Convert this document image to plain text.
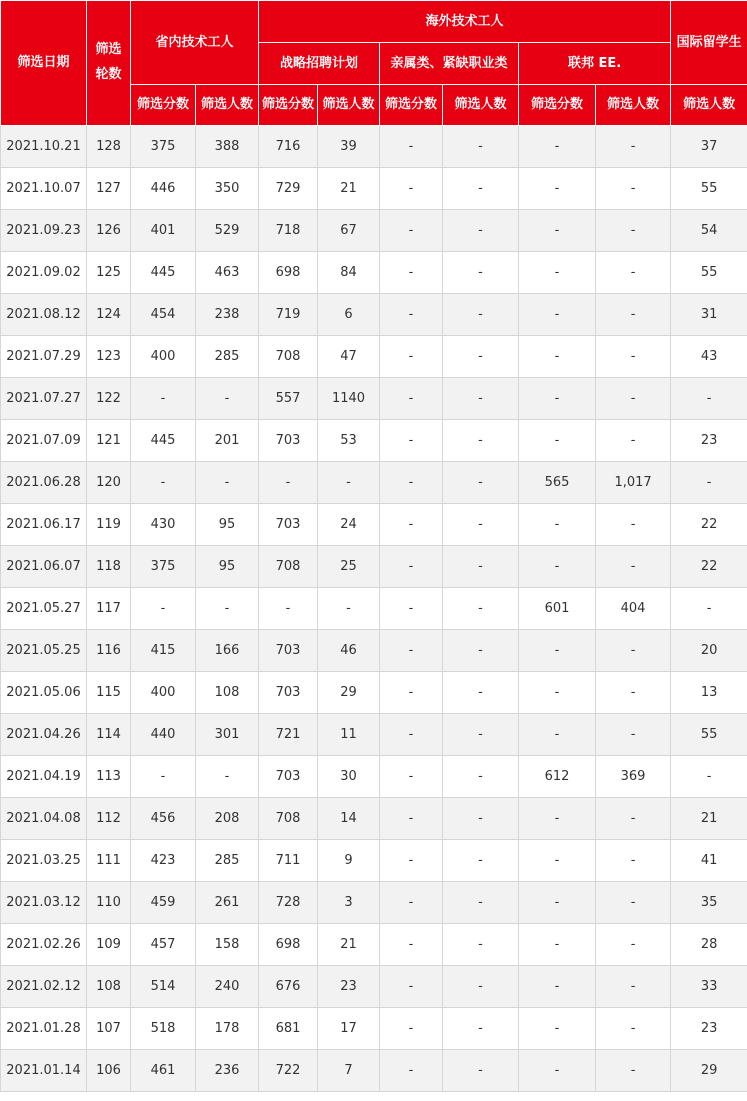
筛选日期	筛选轮数	省内技术工人		海外技术工人						国际留学生
				战略招聘计划		亲属类、紧缺职业类		联邦 EE.		
		筛选分数	筛选人数	筛选分数	筛选人数	筛选分数	筛选人数	筛选分数	筛选人数	筛选人数
2021.10.21	128	375	388	716	39	-	-	-	-	37
2021.10.07	127	446	350	729	21	-	-	-	-	55
2021.09.23	126	401	529	718	67	-	-	-	-	54
2021.09.02	125	445	463	698	84	-	-	-	-	55
2021.08.12	124	454	238	719	6	-	-	-	-	31
2021.07.29	123	400	285	708	47	-	-	-	-	43
2021.07.27	122	-	-	557	1140	-	-	-	-	-
2021.07.09	121	445	201	703	53	-	-	-	-	23
2021.06.28	120	-	-	-	-	-	-	565	1,017	-
2021.06.17	119	430	95	703	24	-	-	-	-	22
2021.06.07	118	375	95	708	25	-	-	-	-	22
2021.05.27	117	-	-	-	-	-	-	601	404	-
2021.05.25	116	415	166	703	46	-	-	-	-	20
2021.05.06	115	400	108	703	29	-	-	-	-	13
2021.04.26	114	440	301	721	11	-	-	-	-	55
2021.04.19	113	-	-	703	30	-	-	612	369	-
2021.04.08	112	456	208	708	14	-	-	-	-	21
2021.03.25	111	423	285	711	9	-	-	-	-	41
2021.03.12	110	459	261	728	3	-	-	-	-	35
2021.02.26	109	457	158	698	21	-	-	-	-	28
2021.02.12	108	514	240	676	23	-	-	-	-	33
2021.01.28	107	518	178	681	17	-	-	-	-	23
2021.01.14	106	461	236	722	7	-	-	-	-	29
